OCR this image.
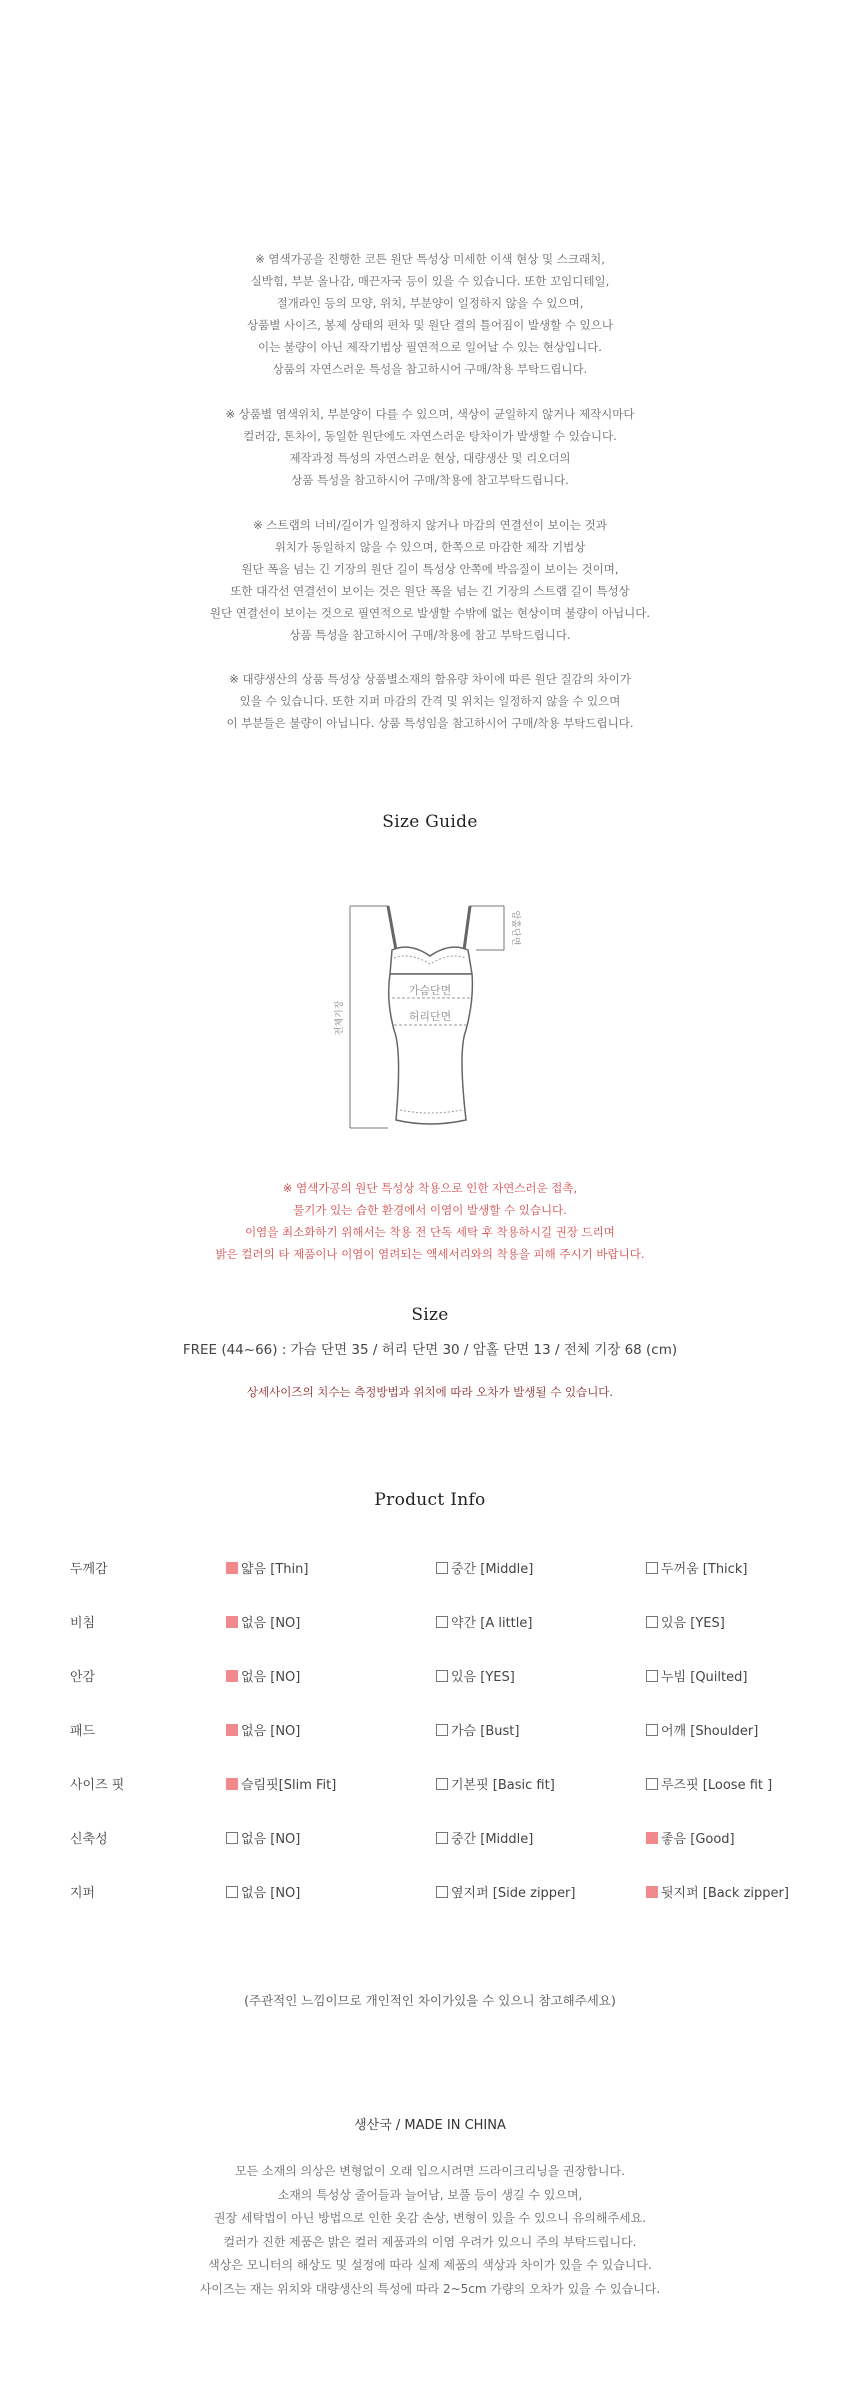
※ 염색가공을 진행한 코튼 원단 특성상 미세한 이색 현상 및 스크래치,

실박힘, 부분 올나감, 매끈자국 등이 있을 수 있습니다. 또한 꼬임디테일,

절개라인 등의 모양, 위치, 부분양이 일정하지 않을 수 있으며,

상품별 사이즈, 봉제 상태의 편차 및 원단 결의 틀어짐이 발생할 수 있으나

이는 불량이 아닌 제작기법상 필연적으로 일어날 수 있는 현상입니다.

상품의 자연스러운 특성을 참고하시어 구매/착용 부탁드립니다.

※ 상품별 염색위치, 부분양이 다를 수 있으며, 색상이 균일하지 않거나 제작시마다

컬러감, 톤차이, 동일한 원단에도 자연스러운 탕차이가 발생할 수 있습니다.

제작과정 특성의 자연스러운 현상, 대량생산 및 리오더의

상품 특성을 참고하시어 구매/착용에 참고부탁드립니다.

※ 스트랩의 너비/길이가 일정하지 않거나 마감의 연결선이 보이는 것과

위치가 동일하지 않을 수 있으며, 한쪽으로 마감한 제작 기법상

원단 폭을 넘는 긴 기장의 원단 길이 특성상 안쪽에 박음질이 보이는 것이며,

또한 대각선 연결선이 보이는 것은 원단 폭을 넘는 긴 기장의 스트랩 길이 특성상

원단 연결선이 보이는 것으로 필연적으로 발생할 수밖에 없는 현상이며 불량이 아닙니다.

상품 특성을 참고하시어 구매/착용에 참고 부탁드립니다.

※ 대량생산의 상품 특성상 상품별소재의 함유량 차이에 따른 원단 질감의 차이가

있을 수 있습니다. 또한 지퍼 마감의 간격 및 위치는 일정하지 않을 수 있으며

이 부분들은 불량이 아닙니다. 상품 특성임을 참고하시어 구매/착용 부탁드립니다.

Size Guide
가슴단면
허리단면
암홀단면
전체기장

※ 염색가공의 원단 특성상 착용으로 인한 자연스러운 접촉,

물기가 있는 습한 환경에서 이염이 발생할 수 있습니다.

이염을 최소화하기 위해서는 착용 전 단독 세탁 후 착용하시길 권장 드리며

밝은 컬러의 타 제품이나 이염이 염려되는 액세서리와의 착용을 피해 주시기 바랍니다.

Size
FREE (44~66) : 가슴 단면 35 / 허리 단면 30 / 암홀 단면 13 / 전체 기장 68 (cm)
상세사이즈의 치수는 측정방법과 위치에 따라 오차가 발생될 수 있습니다.
Product Info
두께감	얇음 [Thin]	중간 [Middle]	두꺼움 [Thick]
비침	없음 [NO]	약간 [A little]	있음 [YES]
안감	없음 [NO]	있음 [YES]	누빔 [Quilted]
패드	없음 [NO]	가슴 [Bust]	어깨 [Shoulder]
사이즈 핏	슬림핏[Slim Fit]	기본핏 [Basic fit]	루즈핏 [Loose fit ]
신축성	없음 [NO]	중간 [Middle]	좋음 [Good]
지퍼	없음 [NO]	옆지퍼 [Side zipper]	뒷지퍼 [Back zipper]
(주관적인 느낌이므로 개인적인 차이가있을 수 있으니 참고해주세요)
생산국 / MADE IN CHINA

모든 소재의 의상은 변형없이 오래 입으시려면 드라이크리닝을 권장합니다.

소재의 특성상 줄어들과 늘어남, 보풀 등이 생길 수 있으며,

권장 세탁법이 아닌 방법으로 인한 옷감 손상, 변형이 있을 수 있으니 유의해주세요.

컬러가 진한 제품은 밝은 컬러 제품과의 이염 우려가 있으니 주의 부탁드립니다.

색상은 모니터의 해상도 및 설정에 따라 실제 제품의 색상과 차이가 있을 수 있습니다.

사이즈는 재는 위치와 대량생산의 특성에 따라 2~5cm 가량의 오차가 있을 수 있습니다.
